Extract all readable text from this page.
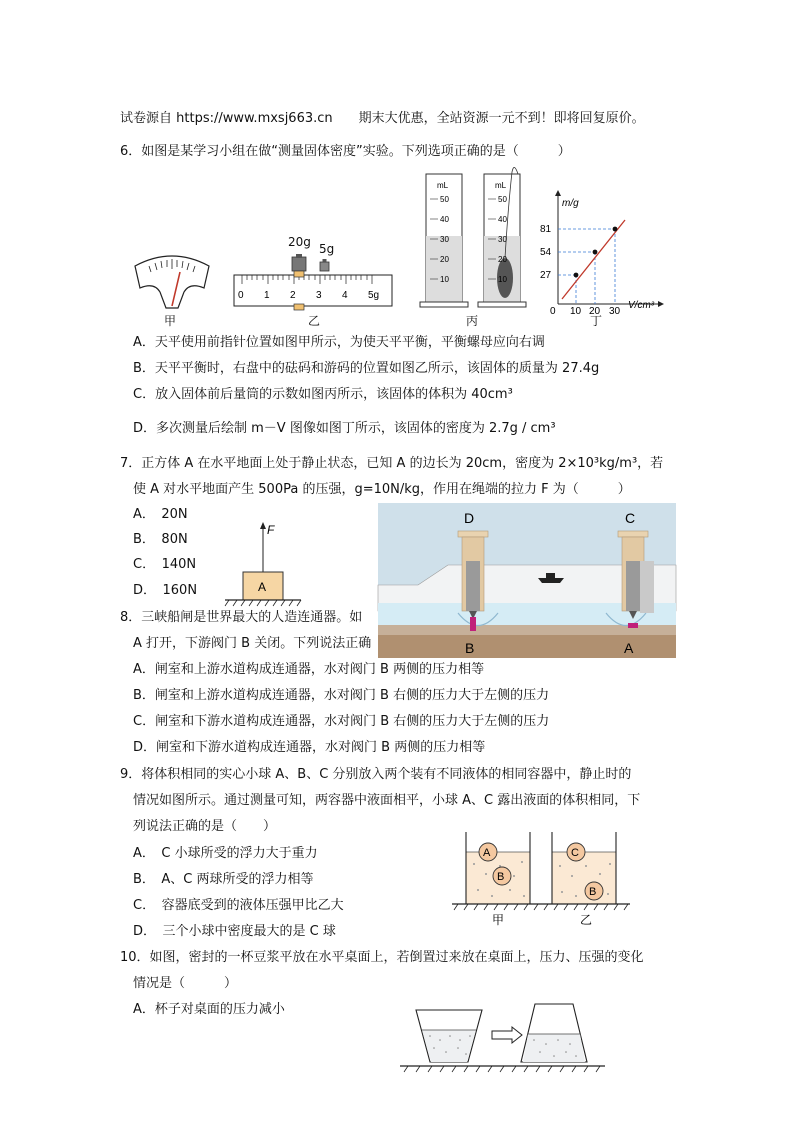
试卷源自 https://www.mxsj663.cn　　期末大优惠，全站资源一元不到！即将回复原价。
6．如图是某学习小组在做“测量固体密度”实验。下列选项正确的是（　　　）
甲
20g 5g
0 1 2 3 4 5g
乙
mL
50
40
30
20
10
mL
50
40
30
20
10
丙
m/g
81
54
27
0 10 20 30
V/cm³
丁
A．天平使用前指针位置如图甲所示，为使天平平衡，平衡螺母应向右调
B．天平平衡时，右盘中的砝码和游码的位置如图乙所示，该固体的质量为 27.4g
C．放入固体前后量筒的示数如图丙所示，该固体的体积为 40cm³
D．多次测量后绘制 m－V 图像如图丁所示，该固体的密度为 2.7g / cm³
7．正方体 A 在水平地面上处于静止状态，已知 A 的边长为 20cm，密度为 2×10³kg/m³，若
使 A 对水平地面产生 500Pa 的压强，g=10N/kg，作用在绳端的拉力 F 为（　　　）
A．　20N
B．　80N
C．　140N
D．　160N
F
A
D	C
B	A
8．三峡船闸是世界最大的人造连通器。如
A 打开，下游阀门 B 关闭。下列说法正确
A．闸室和上游水道构成连通器，水对阀门 B 两侧的压力相等
B．闸室和上游水道构成连通器，水对阀门 B 右侧的压力大于左侧的压力
C．闸室和下游水道构成连通器，水对阀门 B 右侧的压力大于左侧的压力
D．闸室和下游水道构成连通器，水对阀门 B 两侧的压力相等
9．将体积相同的实心小球 A、B、C 分别放入两个装有不同液体的相同容器中，静止时的
情况如图所示。通过测量可知，两容器中液面相平，小球 A、C 露出液面的体积相同，下
列说法正确的是（　　）
A．　C 小球所受的浮力大于重力
B．　A、C 两球所受的浮力相等
C．　容器底受到的液体压强甲比乙大
D．　三个小球中密度最大的是 C 球
A
B
C
B
甲	乙
10．如图，密封的一杯豆浆平放在水平桌面上，若倒置过来放在桌面上，压力、压强的变化
情况是（　　　）
A．杯子对桌面的压力减小
